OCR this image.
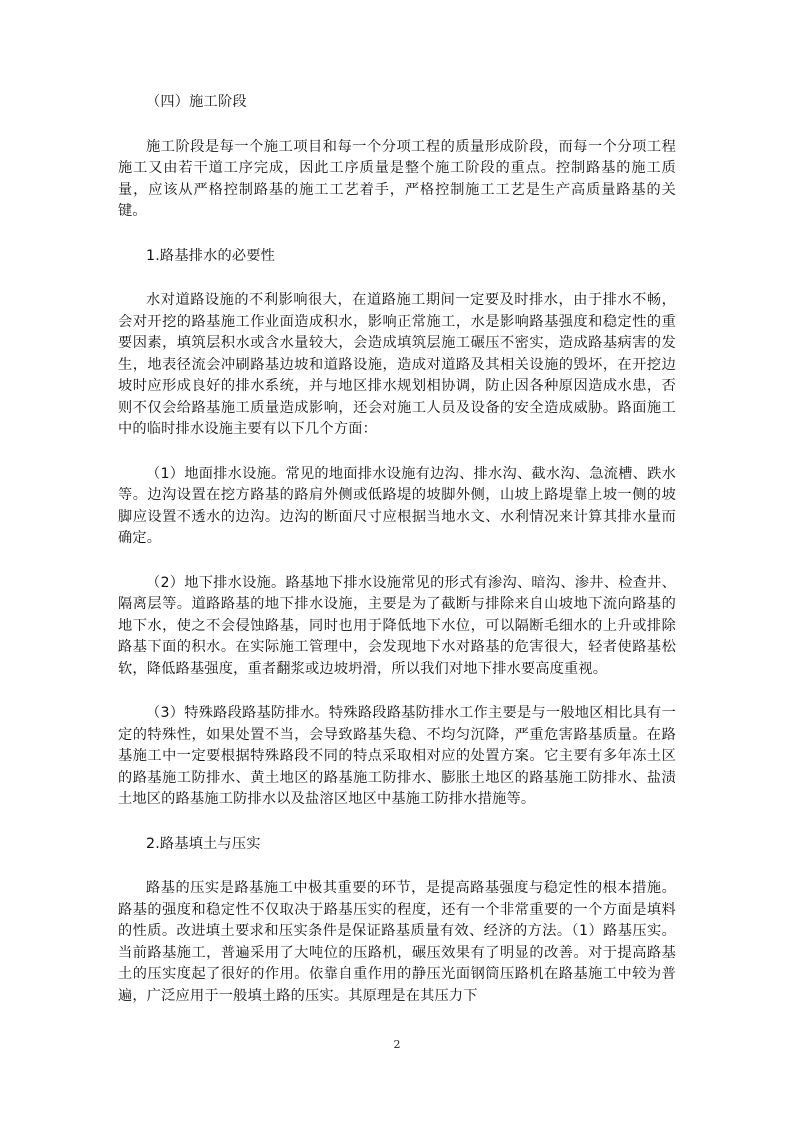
（四）施工阶段

施工阶段是每一个施工项目和每一个分项工程的质量形成阶段，而每一个分项工程施工又由若干道工序完成，因此工序质量是整个施工阶段的重点。控制路基的施工质量，应该从严格控制路基的施工工艺着手，严格控制施工工艺是生产高质量路基的关键。

1.路基排水的必要性

水对道路设施的不利影响很大，在道路施工期间一定要及时排水，由于排水不畅，会对开挖的路基施工作业面造成积水，影响正常施工，水是影响路基强度和稳定性的重要因素，填筑层积水或含水量较大，会造成填筑层施工碾压不密实，造成路基病害的发生，地表径流会冲刷路基边坡和道路设施，造成对道路及其相关设施的毁坏，在开挖边坡时应形成良好的排水系统，并与地区排水规划相协调，防止因各种原因造成水患，否则不仅会给路基施工质量造成影响，还会对施工人员及设备的安全造成威胁。路面施工中的临时排水设施主要有以下几个方面：

（1）地面排水设施。常见的地面排水设施有边沟、排水沟、截水沟、急流槽、跌水等。边沟设置在挖方路基的路肩外侧或低路堤的坡脚外侧，山坡上路堤靠上坡一侧的坡脚应设置不透水的边沟。边沟的断面尺寸应根据当地水文、水利情况来计算其排水量而确定。

（2）地下排水设施。路基地下排水设施常见的形式有渗沟、暗沟、渗井、检查井、隔离层等。道路路基的地下排水设施，主要是为了截断与排除来自山坡地下流向路基的地下水，使之不会侵蚀路基，同时也用于降低地下水位，可以隔断毛细水的上升或排除路基下面的积水。在实际施工管理中，会发现地下水对路基的危害很大，轻者使路基松软，降低路基强度，重者翻浆或边坡坍滑，所以我们对地下排水要高度重视。

（3）特殊路段路基防排水。特殊路段路基防排水工作主要是与一般地区相比具有一定的特殊性，如果处置不当，会导致路基失稳、不均匀沉降，严重危害路基质量。在路基施工中一定要根据特殊路段不同的特点采取相对应的处置方案。它主要有多年冻土区的路基施工防排水、黄土地区的路基施工防排水、膨胀土地区的路基施工防排水、盐渍土地区的路基施工防排水以及盐溶区地区中基施工防排水措施等。

2.路基填土与压实

路基的压实是路基施工中极其重要的环节，是提高路基强度与稳定性的根本措施。路基的强度和稳定性不仅取决于路基压实的程度，还有一个非常重要的一个方面是填料的性质。改进填土要求和压实条件是保证路基质量有效、经济的方法。（1）路基压实。当前路基施工，普遍采用了大吨位的压路机，碾压效果有了明显的改善。对于提高路基土的压实度起了很好的作用。依靠自重作用的静压光面钢筒压路机在路基施工中较为普遍，广泛应用于一般填土路的压实。其原理是在其压力下

2
